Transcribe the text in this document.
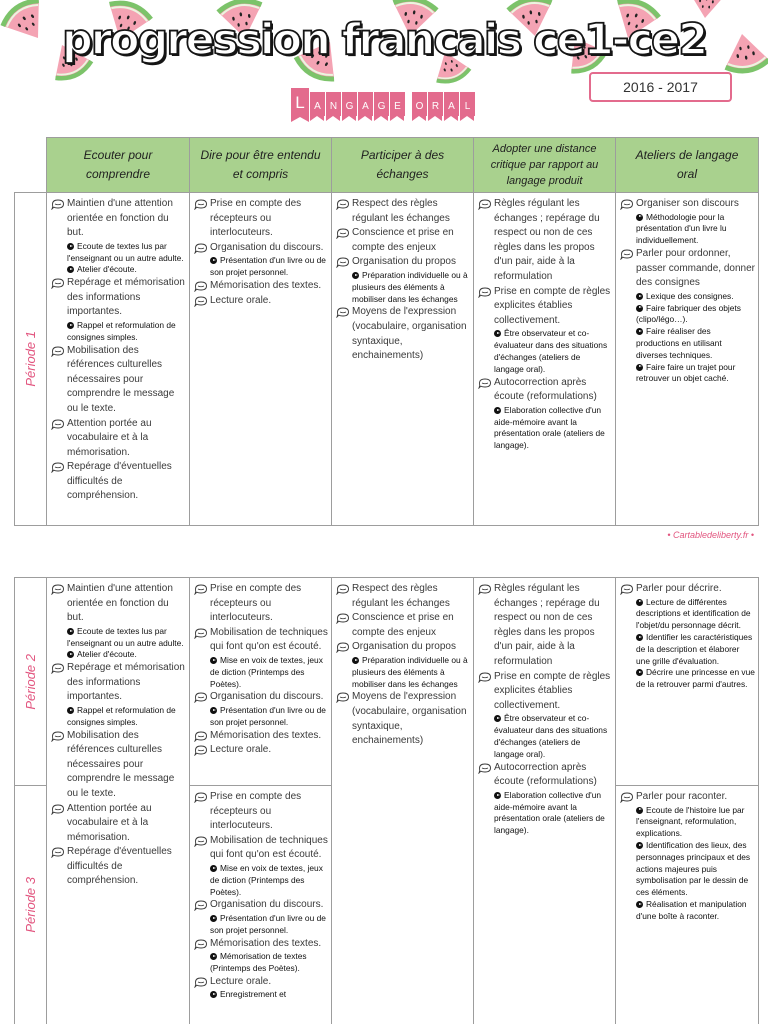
progression francais ce1-ce2
2016 - 2017
L a n g a g e o r a l
Ecouter pour comprendre
Dire pour être entendu et compris
Participer à des échanges
Adopter une distance critique par rapport au langage produit
Ateliers de langage oral
Période 1
Période 2
Période 3
• Cartabledeliberty.fr •
Maintien d'une attention orientée en fonction du but.
Ecoute de textes lus par l'enseignant ou un autre adulte.
Atelier d'écoute.
Repérage et mémorisation des informations importantes.
Rappel et reformulation de consignes simples.
Mobilisation des références culturelles nécessaires pour comprendre le message ou le texte.
Attention portée au vocabulaire et à la mémorisation.
Repérage d'éventuelles difficultés de compréhension.
Prise en compte des récepteurs ou interlocuteurs.
Organisation du discours.
Présentation d'un livre ou de son projet personnel.
Mémorisation des textes.
Lecture orale.
Respect des règles régulant les échanges
Conscience et prise en compte des enjeux
Organisation du propos
Préparation individuelle ou à plusieurs des éléments à mobiliser dans les échanges
Moyens de l'expression (vocabulaire, organisation syntaxique, enchainements)
Règles régulant les échanges ; repérage du respect ou non de ces règles dans les propos d'un pair, aide à la reformulation
Prise en compte de règles explicites établies collectivement.
Être observateur et co-évaluateur dans des situations d'échanges (ateliers de langage oral).
Autocorrection après écoute (reformulations)
Elaboration collective d'un aide-mémoire avant la présentation orale (ateliers de langage).
Organiser son discours
Méthodologie pour la présentation d'un livre lu individuellement.
Parler pour ordonner, passer commande, donner des consignes
Lexique des consignes.
Faire fabriquer des objets (clipo/légo…).
Faire réaliser des productions en utilisant diverses techniques.
Faire faire un trajet pour retrouver un objet caché.
Maintien d'une attention orientée en fonction du but.
Ecoute de textes lus par l'enseignant ou un autre adulte.
Atelier d'écoute.
Repérage et mémorisation des informations importantes.
Rappel et reformulation de consignes simples.
Mobilisation des références culturelles nécessaires pour comprendre le message ou le texte.
Attention portée au vocabulaire et à la mémorisation.
Repérage d'éventuelles difficultés de compréhension.
Prise en compte des récepteurs ou interlocuteurs.
Mobilisation de techniques qui font qu'on est écouté.
Mise en voix de textes, jeux de diction (Printemps des Poètes).
Organisation du discours.
Présentation d'un livre ou de son projet personnel.
Mémorisation des textes.
Lecture orale.
Prise en compte des récepteurs ou interlocuteurs.
Mobilisation de techniques qui font qu'on est écouté.
Mise en voix de textes, jeux de diction (Printemps des Poètes).
Organisation du discours.
Présentation d'un livre ou de son projet personnel.
Mémorisation des textes.
Mémorisation de textes (Printemps des Poètes).
Lecture orale.
Enregistrement et
Respect des règles régulant les échanges
Conscience et prise en compte des enjeux
Organisation du propos
Préparation individuelle ou à plusieurs des éléments à mobiliser dans les échanges
Moyens de l'expression (vocabulaire, organisation syntaxique, enchainements)
Règles régulant les échanges ; repérage du respect ou non de ces règles dans les propos d'un pair, aide à la reformulation
Prise en compte de règles explicites établies collectivement.
Être observateur et co-évaluateur dans des situations d'échanges (ateliers de langage oral).
Autocorrection après écoute (reformulations)
Elaboration collective d'un aide-mémoire avant la présentation orale (ateliers de langage).
Parler pour décrire.
Lecture de différentes descriptions et identification de l'objet/du personnage décrit.
Identifier les caractéristiques de la description et élaborer une grille d'évaluation.
Décrire une princesse en vue de la retrouver parmi d'autres.
Parler pour raconter.
Ecoute de l'histoire lue par l'enseignant, reformulation, explications.
Identification des lieux, des personnages principaux et des actions majeures puis symbolisation par le dessin de ces éléments.
Réalisation et manipulation d'une boîte à raconter.
